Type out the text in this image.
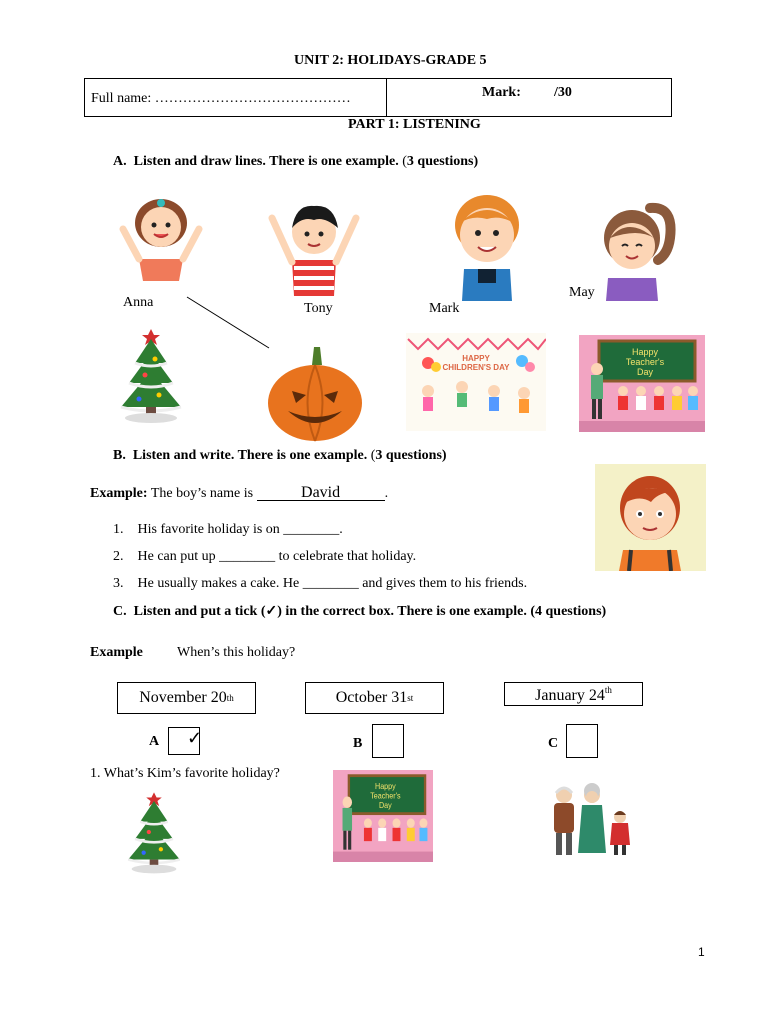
UNIT 2: HOLIDAYS-GRADE 5
Full name: ……………………………………	Mark: /30
PART 1: LISTENING
A. Listen and draw lines. There is one example. (3 questions)
Anna	Tony	Mark
May
HAPPY CHILDREN'S DAY
Happy Teacher's Day
B. Listen and write. There is one example. (3 questions)
Example: The boy’s name is	David	.
1.    His favorite holiday is on ________.
2.    He can put up ________ to celebrate that holiday.
3.    He usually makes a cake. He ________ and gives them to his friends.
C. Listen and put a tick (✓) in the correct box. There is one example. (4 questions)
Example When’s this holiday?
November 20 th	October 31 st	January 24th
A ✓	B	C
1. What’s Kim’s favorite holiday?
Happy Teacher's Day
1
